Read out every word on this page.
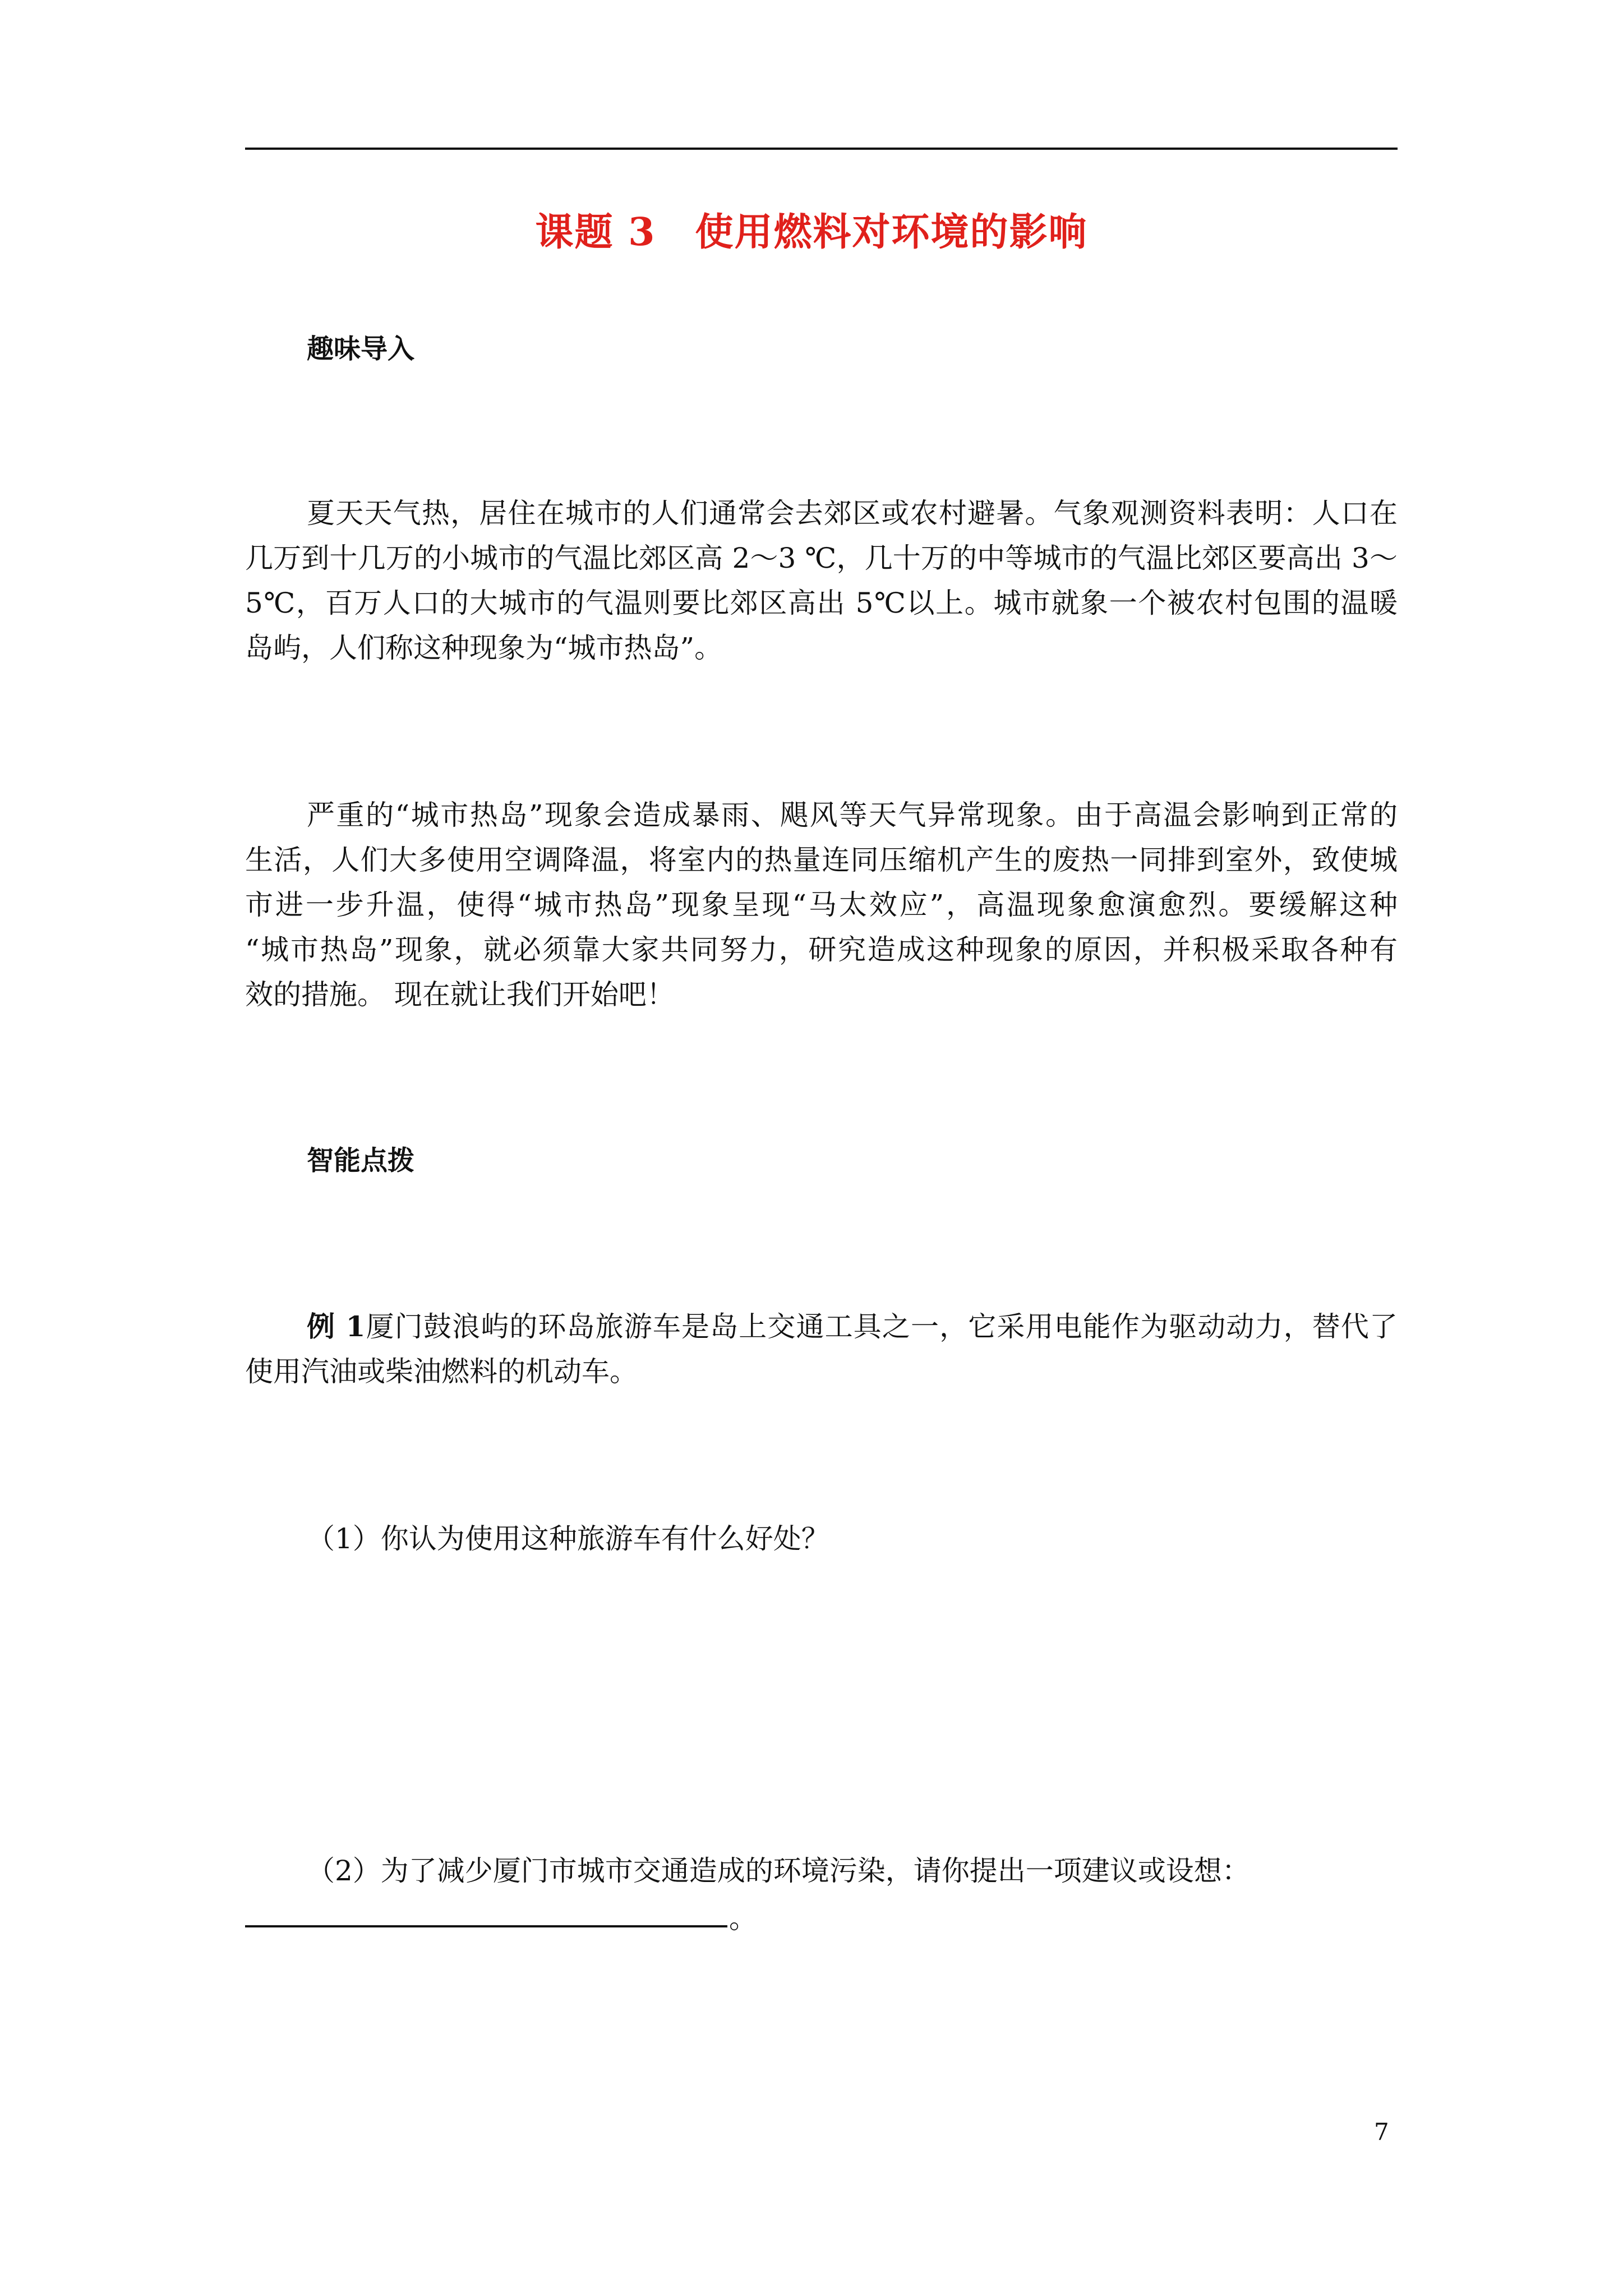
课题 3　使用燃料对环境的影响
趣味导入
夏天天气热，居住在城市的人们通常会去郊区或农村避暑。气象观测资料表明：人口在
几万到十几万的小城市的气温比郊区高 2～3 ℃，几十万的中等城市的气温比郊区要高出 3～
5℃，百万人口的大城市的气温则要比郊区高出 5℃以上。城市就象一个被农村包围的温暖
岛屿，人们称这种现象为“城市热岛”。
严重的“城市热岛”现象会造成暴雨、飓风等天气异常现象。由于高温会影响到正常的
生活，人们大多使用空调降温，将室内的热量连同压缩机产生的废热一同排到室外，致使城
市进一步升温，使得“城市热岛”现象呈现“马太效应”，高温现象愈演愈烈。要缓解这种
“城市热岛”现象，就必须靠大家共同努力，研究造成这种现象的原因，并积极采取各种有
效的措施。 现在就让我们开始吧！
智能点拨
例 1厦门鼓浪屿的环岛旅游车是岛上交通工具之一，它采用电能作为驱动动力，替代了
使用汽油或柴油燃料的机动车。
（1）你认为使用这种旅游车有什么好处？
（2）为了减少厦门市城市交通造成的环境污染，请你提出一项建议或设想：
。
7
